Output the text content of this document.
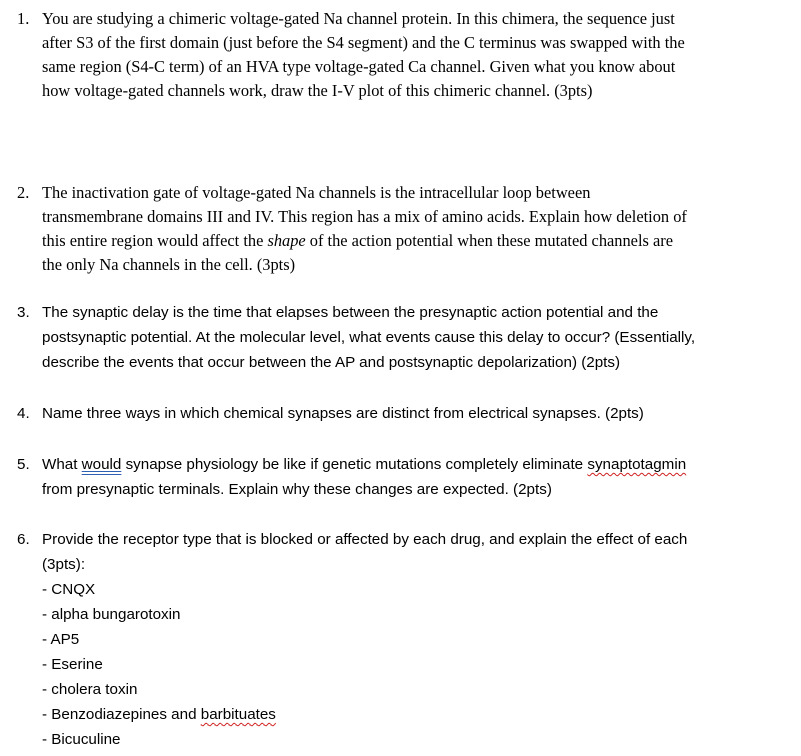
1. You are studying a chimeric voltage-gated Na channel protein. In this chimera, the sequence just
after S3 of the first domain (just before the S4 segment) and the C terminus was swapped with the
same region (S4-C term) of an HVA type voltage-gated Ca channel. Given what you know about
how voltage-gated channels work, draw the I-V plot of this chimeric channel. (3pts)
2. The inactivation gate of voltage-gated Na channels is the intracellular loop between
transmembrane domains III and IV. This region has a mix of amino acids. Explain how deletion of
this entire region would affect the shape of the action potential when these mutated channels are
the only Na channels in the cell. (3pts)
3. The synaptic delay is the time that elapses between the presynaptic action potential and the
postsynaptic potential. At the molecular level, what events cause this delay to occur? (Essentially,
describe the events that occur between the AP and postsynaptic depolarization) (2pts)
4. Name three ways in which chemical synapses are distinct from electrical synapses. (2pts)
5. What would synapse physiology be like if genetic mutations completely eliminate synaptotagmin
from presynaptic terminals. Explain why these changes are expected. (2pts)
6. Provide the receptor type that is blocked or affected by each drug, and explain the effect of each
(3pts):
- CNQX
- alpha bungarotoxin
- AP5
- Eserine
- cholera toxin
- Benzodiazepines and barbituates
- Bicuculine
